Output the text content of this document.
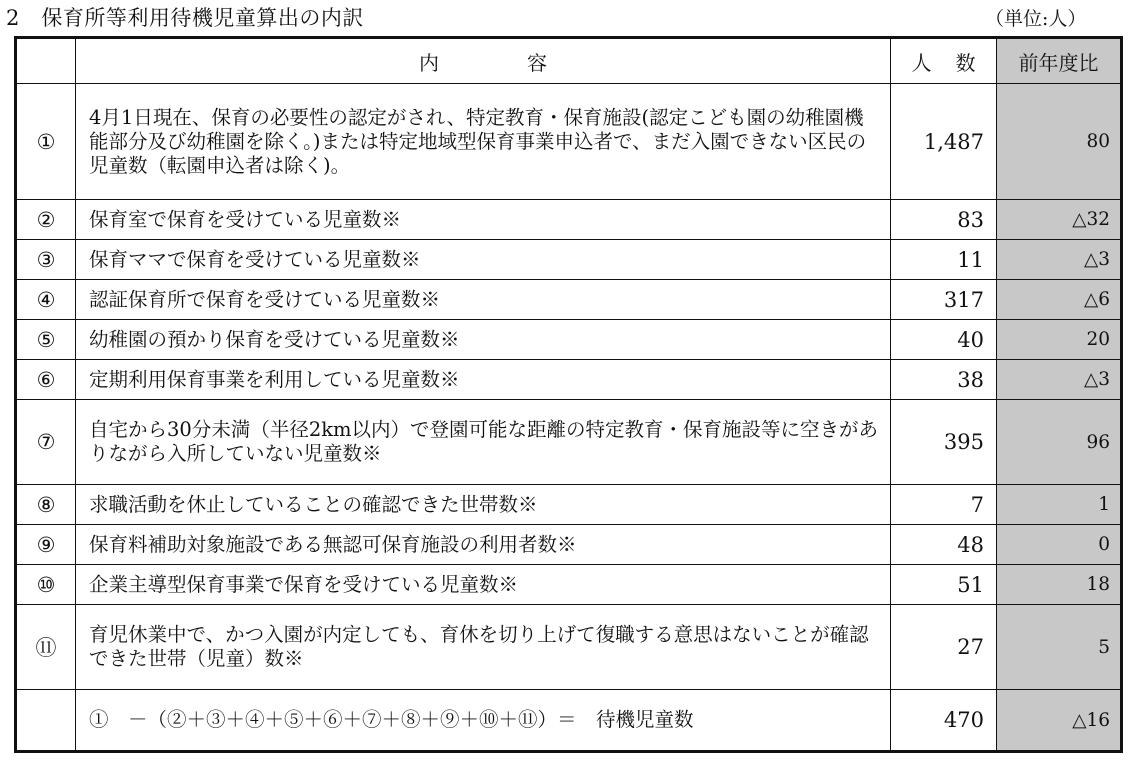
2　保育所等利用待機児童算出の内訳	（単位:人）
	内 容	人 数	前年度比
①	4月1日現在、保育の必要性の認定がされ、特定教育・保育施設(認定こども園の幼稚園機能部分及び幼稚園を除く。)または特定地域型保育事業申込者で、まだ入園できない区民の児童数（転園申込者は除く)。	1,487	80
②	保育室で保育を受けている児童数※	83	△32
③	保育ママで保育を受けている児童数※	11	△3
④	認証保育所で保育を受けている児童数※	317	△6
⑤	幼稚園の預かり保育を受けている児童数※	40	20
⑥	定期利用保育事業を利用している児童数※	38	△3
⑦	自宅から30分未満（半径2km以内）で登園可能な距離の特定教育・保育施設等に空きがありながら入所していない児童数※	395	96
⑧	求職活動を休止していることの確認できた世帯数※	7	1
⑨	保育料補助対象施設である無認可保育施設の利用者数※	48	0
⑩	企業主導型保育事業で保育を受けている児童数※	51	18
⑪	育児休業中で、かつ入園が内定しても、育休を切り上げて復職する意思はないことが確認できた世帯（児童）数※	27	5
	①　－（②＋③＋④＋⑤＋⑥＋⑦＋⑧＋⑨＋⑩＋⑪）＝　待機児童数	470	△16
